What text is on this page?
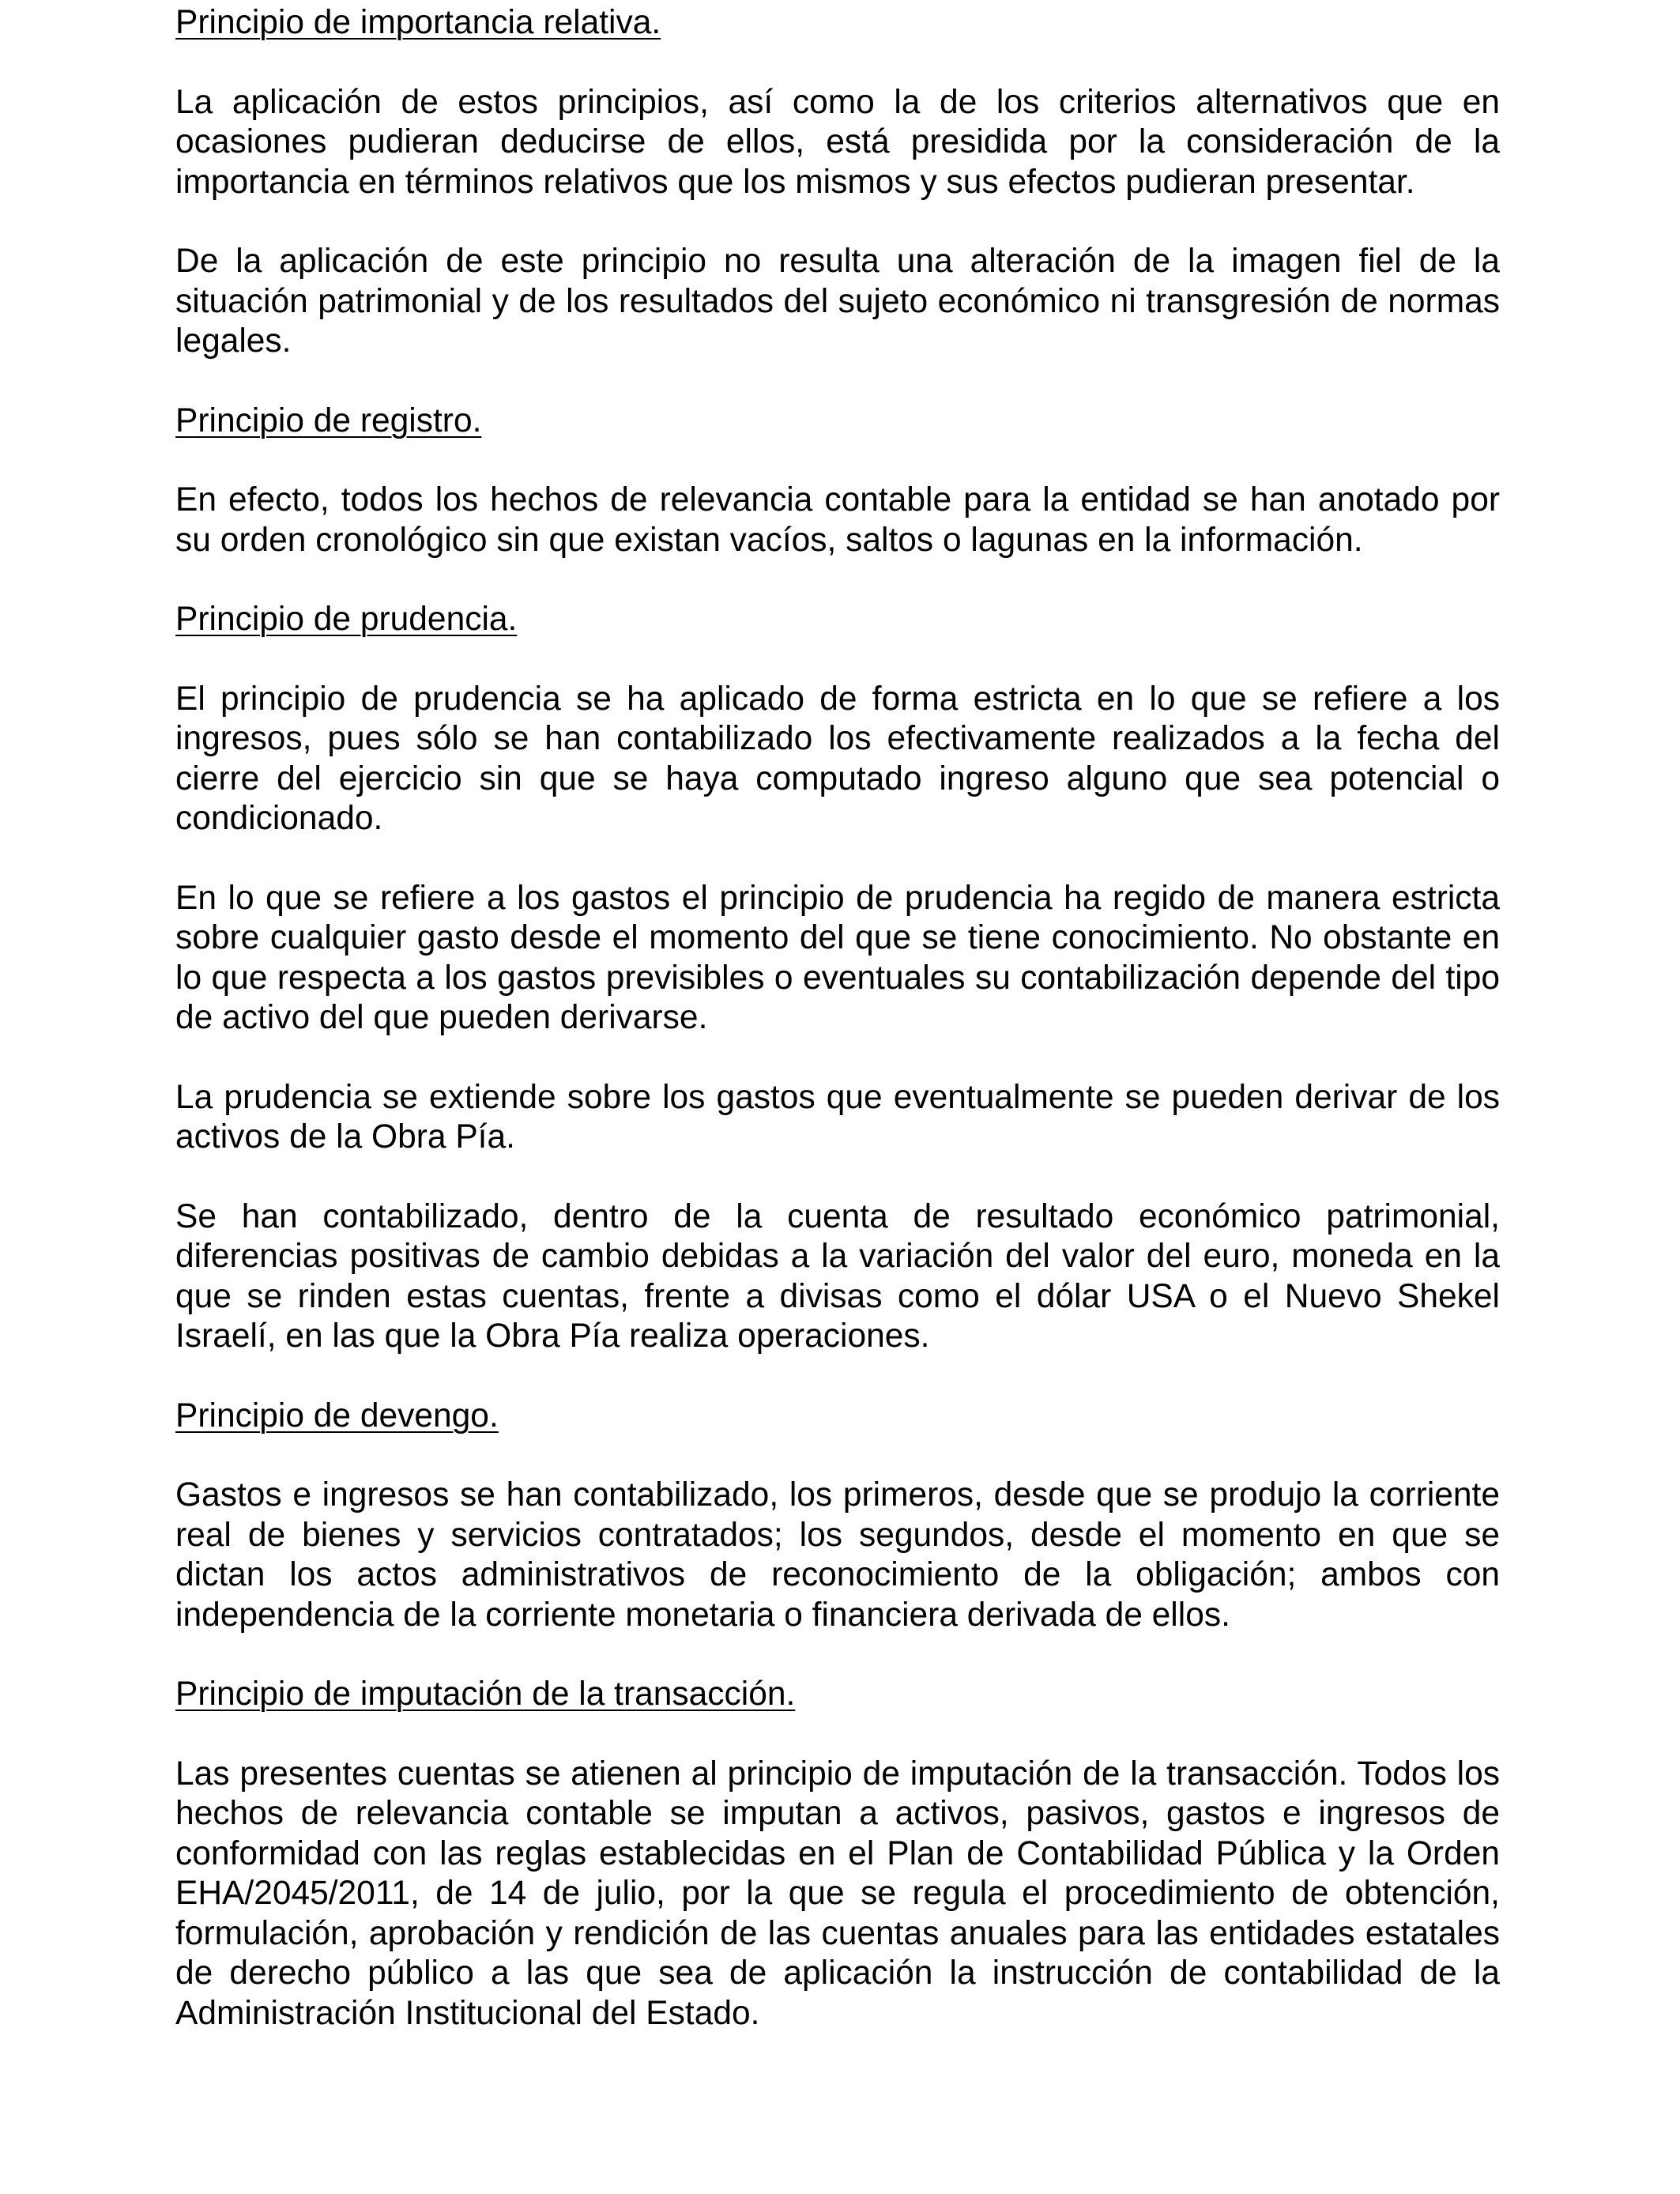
Principio de importancia relativa.
La aplicación de estos principios, así como la de los criterios alternativos que en ocasiones pudieran deducirse de ellos, está presidida por la consideración de la importancia en términos relativos que los mismos y sus efectos pudieran presentar.
De la aplicación de este principio no resulta una alteración de la imagen fiel de la situación patrimonial y de los resultados del sujeto económico ni transgresión de normas legales.
Principio de registro.
En efecto, todos los hechos de relevancia contable para la entidad se han anotado por su orden cronológico sin que existan vacíos, saltos o lagunas en la información.
Principio de prudencia.
El principio de prudencia se ha aplicado de forma estricta en lo que se refiere a los ingresos, pues sólo se han contabilizado los efectivamente realizados a la fecha del cierre del ejercicio sin que se haya computado ingreso alguno que sea potencial o condicionado.
En lo que se refiere a los gastos el principio de prudencia ha regido de manera estricta sobre cualquier gasto desde el momento del que se tiene conocimiento. No obstante en lo que respecta a los gastos previsibles o eventuales su contabilización depende del tipo de activo del que pueden derivarse.
La prudencia se extiende sobre los gastos que eventualmente se pueden derivar de los activos de la Obra Pía.
Se han contabilizado, dentro de la cuenta de resultado económico patrimonial, diferencias positivas de cambio debidas a la variación del valor del euro, moneda en la que se rinden estas cuentas, frente a divisas como el dólar USA o el Nuevo Shekel Israelí, en las que la Obra Pía realiza operaciones.
Principio de devengo.
Gastos e ingresos se han contabilizado, los primeros, desde que se produjo la corriente real de bienes y servicios contratados; los segundos, desde el momento en que se dictan los actos administrativos de reconocimiento de la obligación; ambos con independencia de la corriente monetaria o financiera derivada de ellos.
Principio de imputación de la transacción.
Las presentes cuentas se atienen al principio de imputación de la transacción. Todos los hechos de relevancia contable se imputan a activos, pasivos, gastos e ingresos de conformidad con las reglas establecidas en el Plan de Contabilidad Pública y la Orden EHA/2045/2011, de 14 de julio, por la que se regula el procedimiento de obtención, formulación, aprobación y rendición de las cuentas anuales para las entidades estatales de derecho público a las que sea de aplicación la instrucción de contabilidad de la Administración Institucional del Estado.
